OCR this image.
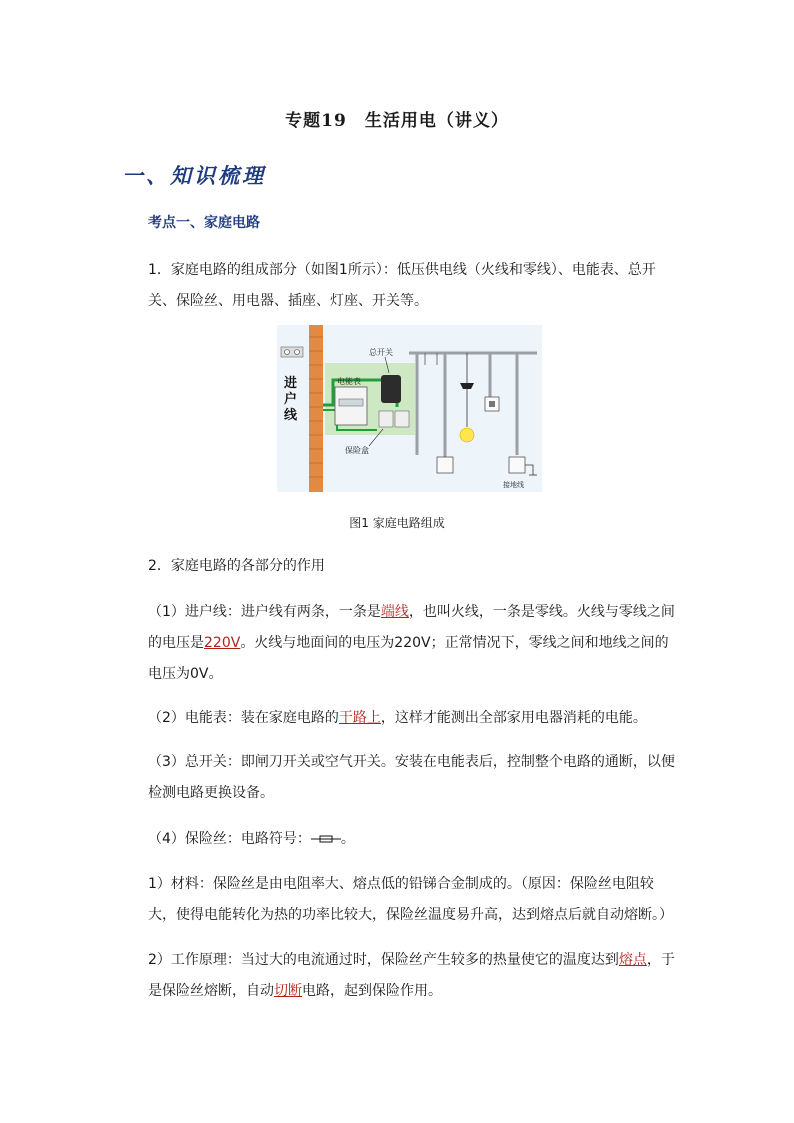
专题19　生活用电（讲义）
一、知识梳理
考点一、家庭电路
1．家庭电路的组成部分（如图1所示）：低压供电线（火线和零线）、电能表、总开关、保险丝、用电器、插座、灯座、开关等。
进
户
线
电能表
总开关
保险盒
接地线
图1 家庭电路组成
2．家庭电路的各部分的作用
（1）进户线：进户线有两条，一条是端线，也叫火线，一条是零线。火线与零线之间的电压是220V。火线与地面间的电压为220V；正常情况下，零线之间和地线之间的电压为0V。
（2）电能表：装在家庭电路的干路上，这样才能测出全部家用电器消耗的电能。
（3）总开关：即闸刀开关或空气开关。安装在电能表后，控制整个电路的通断，以便检测电路更换设备。
（4）保险丝：电路符号： 。
1）材料：保险丝是由电阻率大、熔点低的铅锑合金制成的。（原因：保险丝电阻较大，使得电能转化为热的功率比较大，保险丝温度易升高，达到熔点后就自动熔断。）
2）工作原理：当过大的电流通过时，保险丝产生较多的热量使它的温度达到熔点，于是保险丝熔断，自动切断电路，起到保险作用。
